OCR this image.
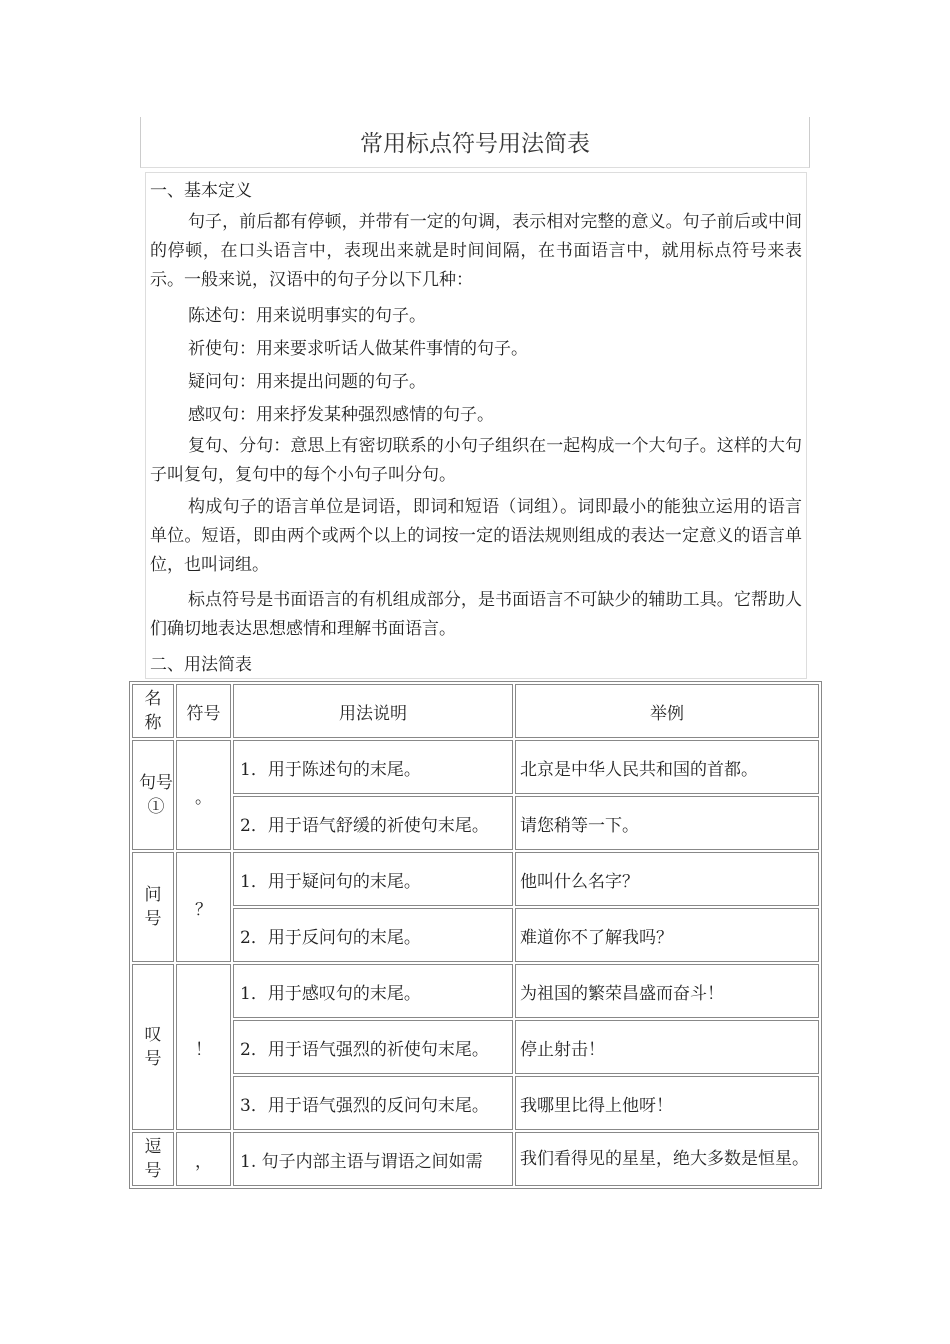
常用标点符号用法简表
一、基本定义
句子，前后都有停顿，并带有一定的句调，表示相对完整的意义。句子前后或中间的停顿，在口头语言中，表现出来就是时间间隔，在书面语言中，就用标点符号来表示。一般来说，汉语中的句子分以下几种：
陈述句：用来说明事实的句子。
祈使句：用来要求听话人做某件事情的句子。
疑问句：用来提出问题的句子。
感叹句：用来抒发某种强烈感情的句子。
复句、分句：意思上有密切联系的小句子组织在一起构成一个大句子。这样的大句子叫复句，复句中的每个小句子叫分句。
构成句子的语言单位是词语，即词和短语（词组）。词即最小的能独立运用的语言单位。短语，即由两个或两个以上的词按一定的语法规则组成的表达一定意义的语言单位，也叫词组。
标点符号是书面语言的有机组成部分，是书面语言不可缺少的辅助工具。它帮助人们确切地表达思想感情和理解书面语言。
二、用法简表
名称	符号	用法说明	举例
句号①	。	1．用于陈述句的末尾。	北京是中华人民共和国的首都。
		2．用于语气舒缓的祈使句末尾。	请您稍等一下。
问号	？	1．用于疑问句的末尾。	他叫什么名字？
		2．用于反问句的末尾。	难道你不了解我吗？
叹号	！	1．用于感叹句的末尾。	为祖国的繁荣昌盛而奋斗！
		2．用于语气强烈的祈使句末尾。	停止射击！
		3．用于语气强烈的反问句末尾。	我哪里比得上他呀！
逗号	，	1. 句子内部主语与谓语之间如需	我们看得见的星星，绝大多数是恒星。
